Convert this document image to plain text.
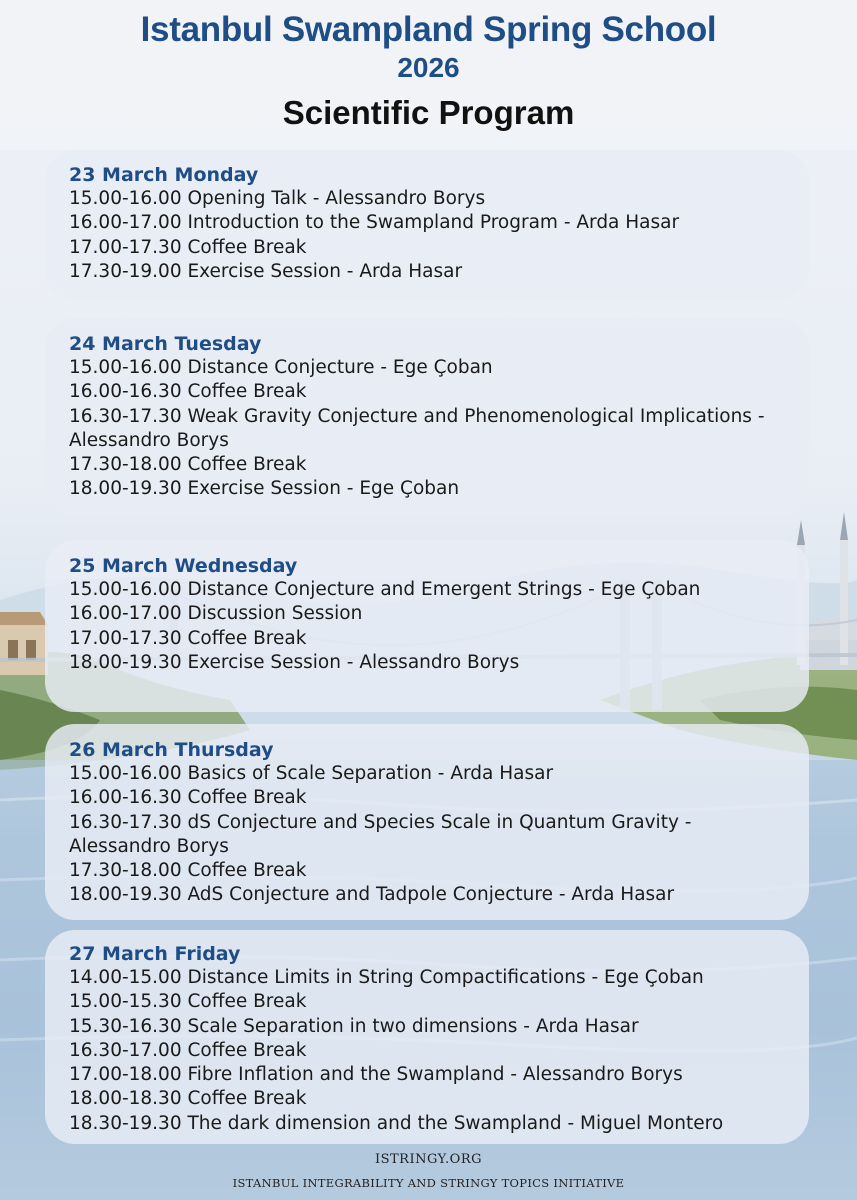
Istanbul Swampland Spring School
2026
Scientific Program
23 March Monday
15.00-16.00 Opening Talk - Alessandro Borys
16.00-17.00 Introduction to the Swampland Program - Arda Hasar
17.00-17.30 Coffee Break
17.30-19.00 Exercise Session - Arda Hasar
24 March Tuesday
15.00-16.00 Distance Conjecture - Ege Çoban
16.00-16.30 Coffee Break
16.30-17.30 Weak Gravity Conjecture and Phenomenological Implications - Alessandro Borys
17.30-18.00 Coffee Break
18.00-19.30 Exercise Session - Ege Çoban
25 March Wednesday
15.00-16.00 Distance Conjecture and Emergent Strings - Ege Çoban
16.00-17.00 Discussion Session
17.00-17.30 Coffee Break
18.00-19.30 Exercise Session - Alessandro Borys
26 March Thursday
15.00-16.00 Basics of Scale Separation - Arda Hasar
16.00-16.30 Coffee Break
16.30-17.30 dS Conjecture and Species Scale in Quantum Gravity - Alessandro Borys
17.30-18.00 Coffee Break
18.00-19.30 AdS Conjecture and Tadpole Conjecture - Arda Hasar
27 March Friday
14.00-15.00 Distance Limits in String Compactifications - Ege Çoban
15.00-15.30 Coffee Break
15.30-16.30 Scale Separation in two dimensions - Arda Hasar
16.30-17.00 Coffee Break
17.00-18.00 Fibre Inflation and the Swampland - Alessandro Borys
18.00-18.30 Coffee Break
18.30-19.30 The dark dimension and the Swampland - Miguel Montero
ISTRINGY.ORG
ISTANBUL INTEGRABILITY AND STRINGY TOPICS INITIATIVE
